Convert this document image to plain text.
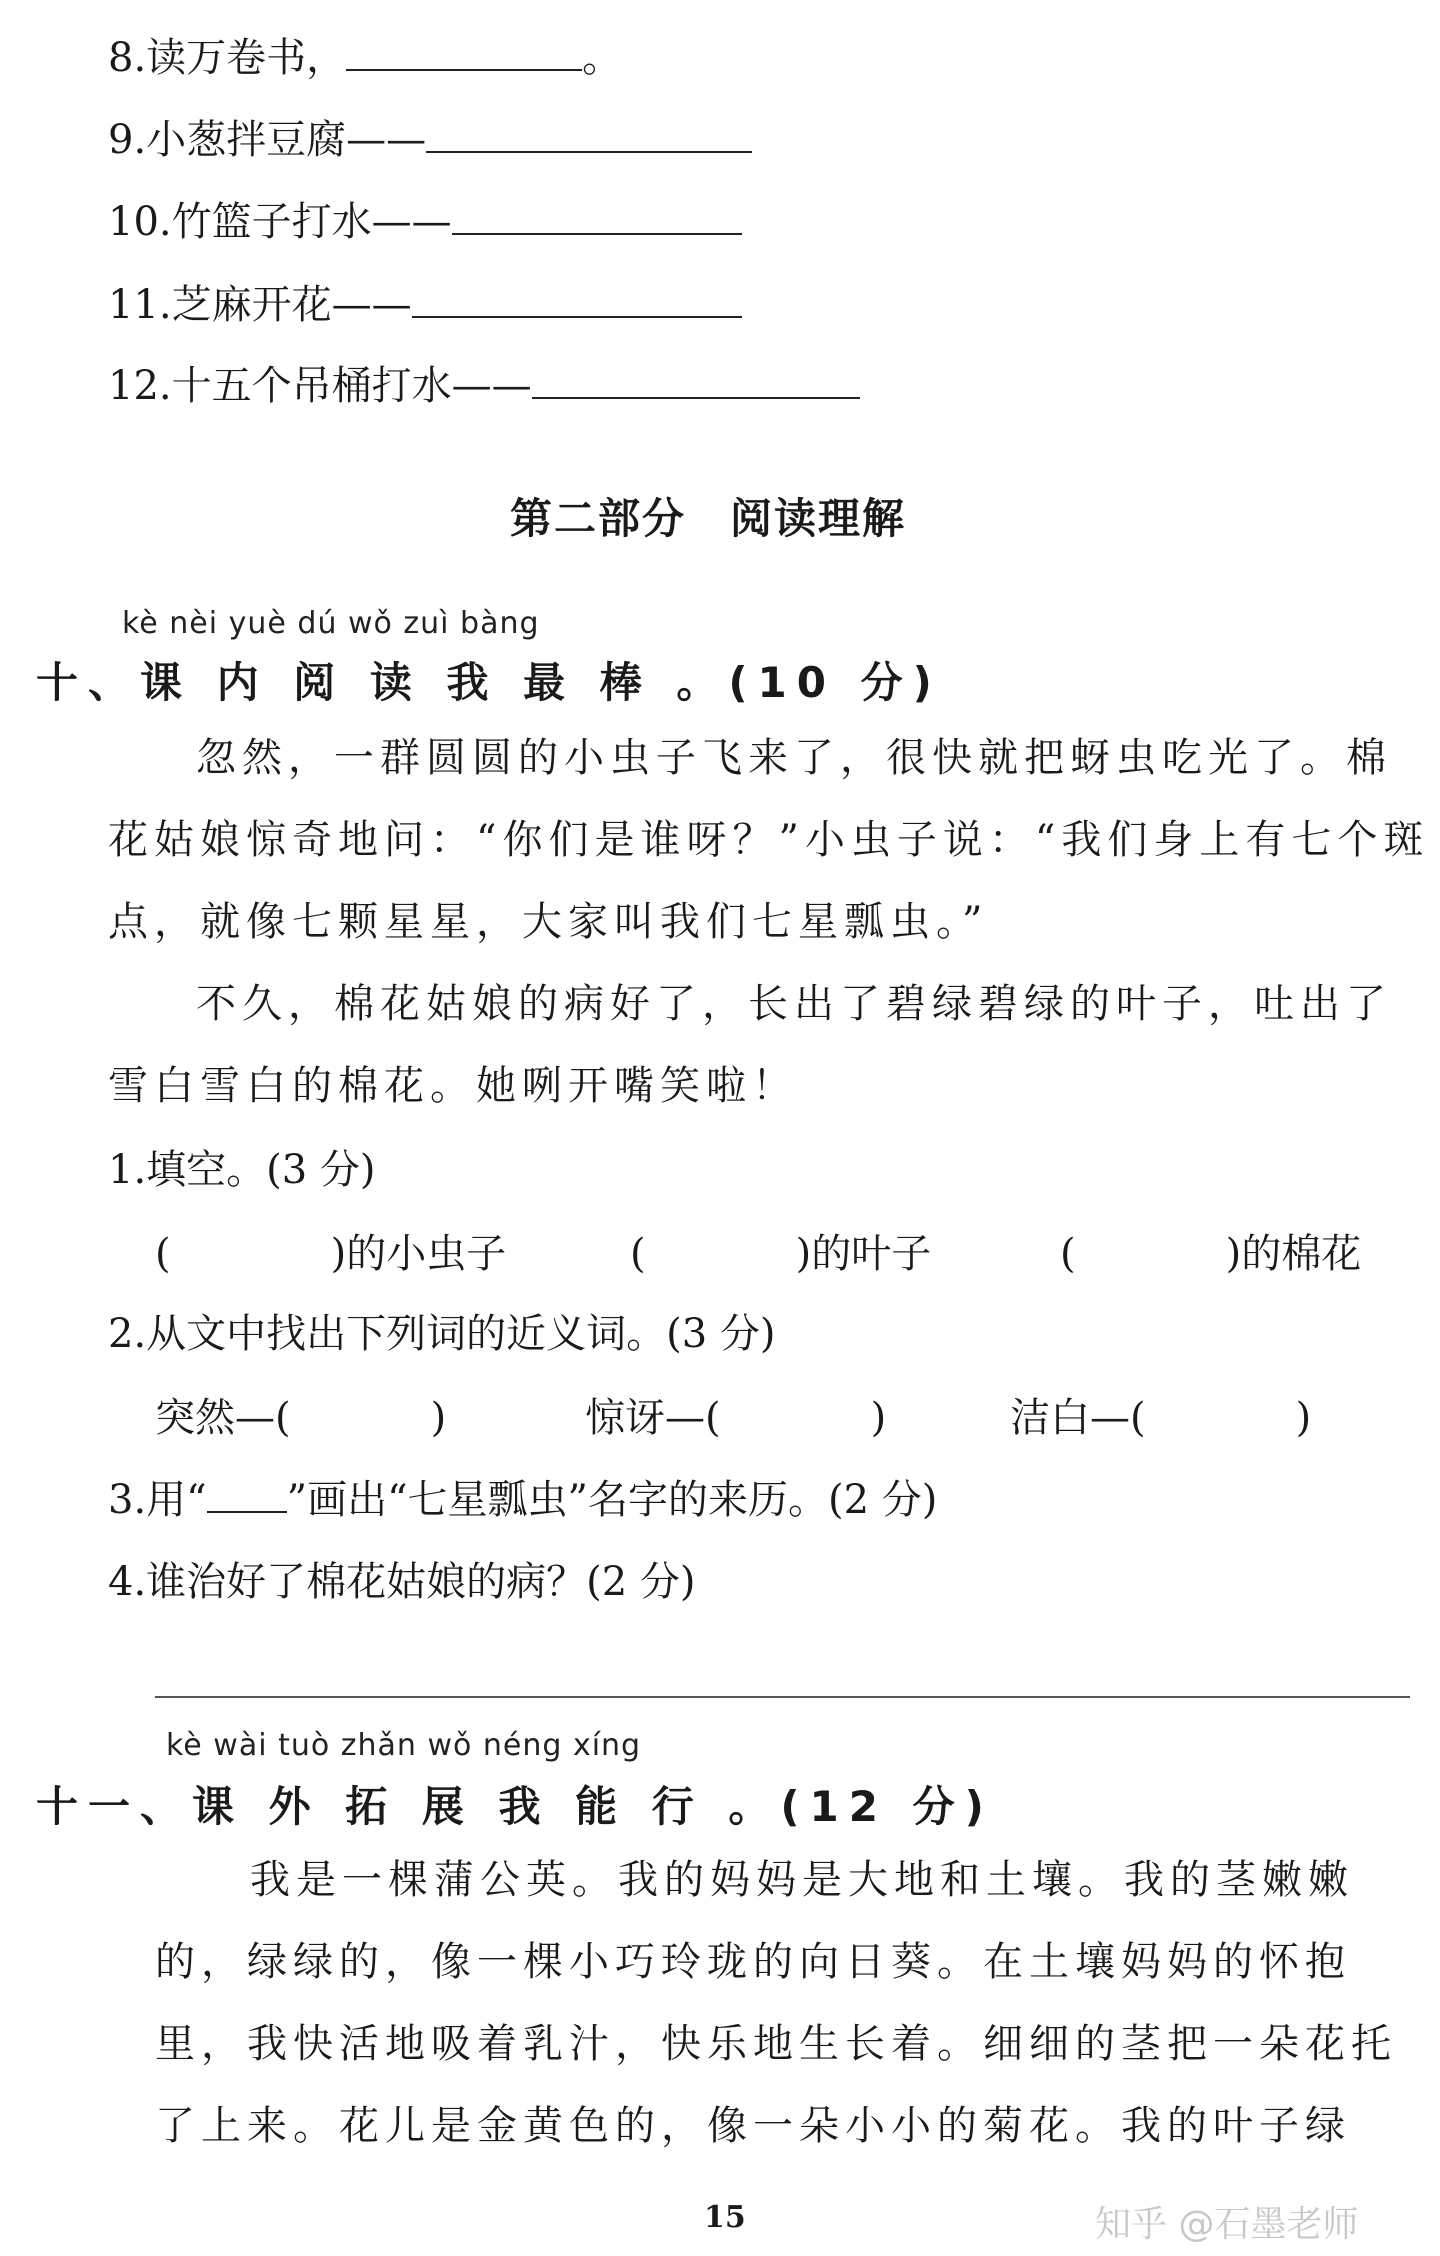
8.读万卷书，	。
9.小葱拌豆腐——
10.竹篮子打水——
11.芝麻开花——
12.十五个吊桶打水——
第二部分　阅读理解
kè nèi yuè dú wǒ zuì bàng
十、课 内 阅 读 我 最 棒 。(10 分)
忽然，一群圆圆的小虫子飞来了，很快就把蚜虫吃光了。棉
花姑娘惊奇地问：“你们是谁呀？”小虫子说：“我们身上有七个斑
点，就像七颗星星，大家叫我们七星瓢虫。”
不久，棉花姑娘的病好了，长出了碧绿碧绿的叶子，吐出了
雪白雪白的棉花。她咧开嘴笑啦！
1.填空。(3 分)
(	)的小虫子	(	)的叶子	(	)的棉花
2.从文中找出下列词的近义词。(3 分)
突然—(	)	惊讶—(	)	洁白—(	)
3.用“ ”画出“七星瓢虫”名字的来历。(2 分)
4.谁治好了棉花姑娘的病？(2 分)
kè wài tuò zhǎn wǒ néng xíng
十一、课 外 拓 展 我 能 行 。(12 分)
我是一棵蒲公英。我的妈妈是大地和土壤。我的茎嫩嫩
的，绿绿的，像一棵小巧玲珑的向日葵。在土壤妈妈的怀抱
里，我快活地吸着乳汁，快乐地生长着。细细的茎把一朵花托
了上来。花儿是金黄色的，像一朵小小的菊花。我的叶子绿
15	知乎 @石墨老师
